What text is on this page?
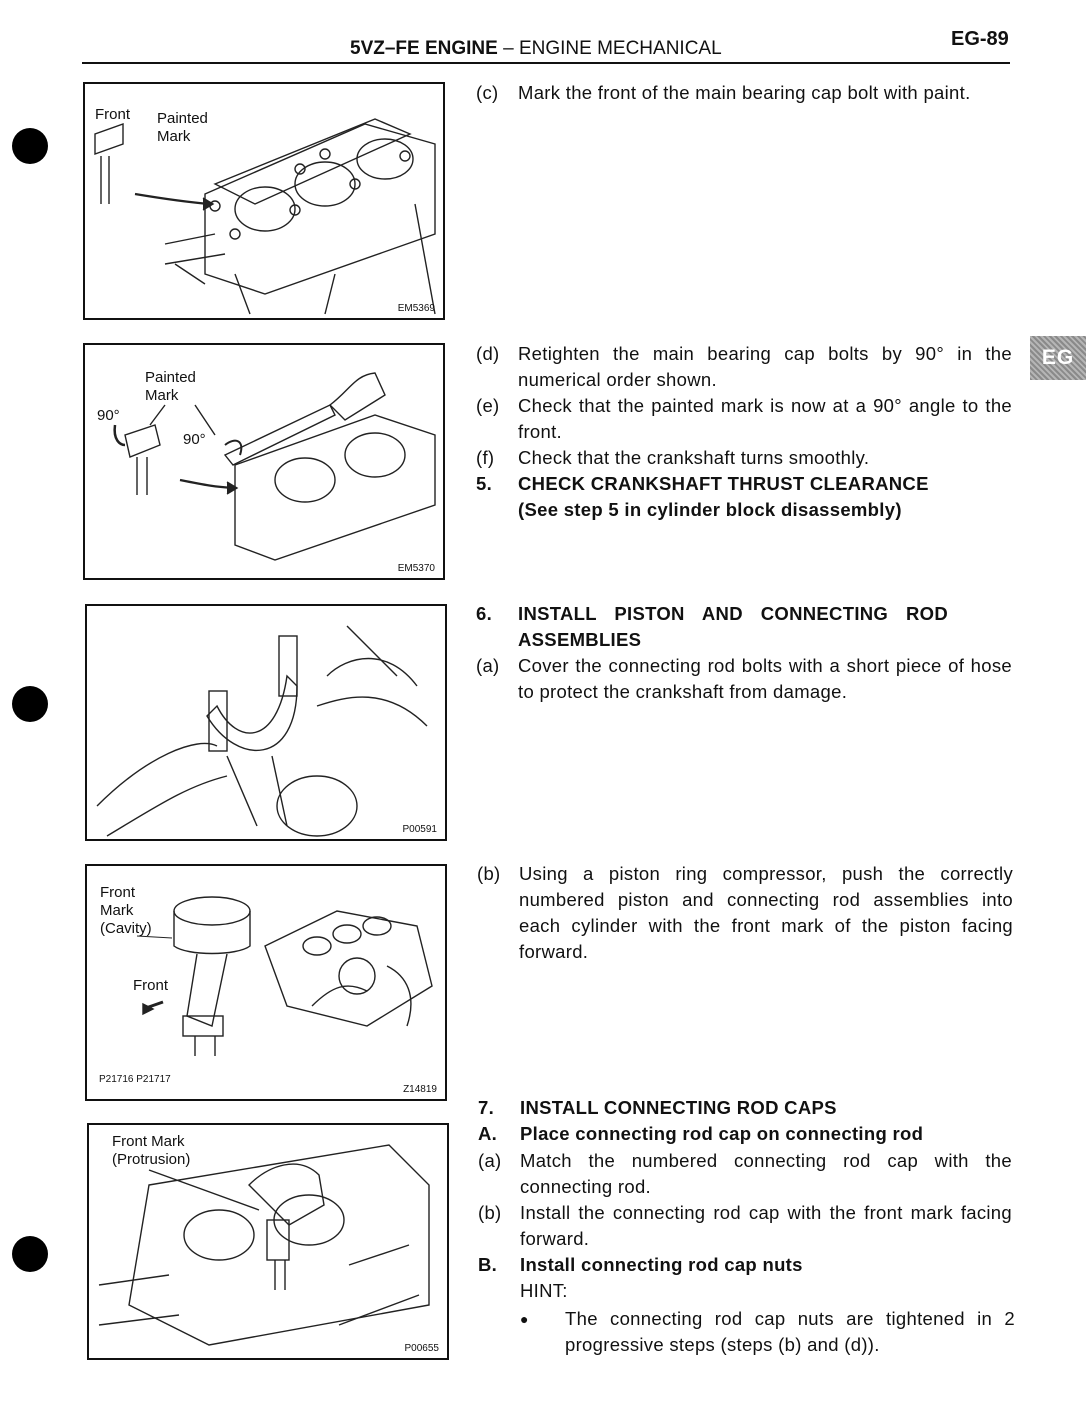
5VZ–FE ENGINE – ENGINE MECHANICAL	EG-89
EG
Front Painted
Mark
EM5369
Painted
Mark
90°
90°
EM5370
P00591
Front
Mark
(Cavity)
Front
P21716 P21717
Z14819
Front Mark
(Protrusion)
P00655
(c) Mark the front of the main bearing cap bolt with paint.
(d) Retighten the main bearing cap bolts by 90° in the numerical order shown.
(e) Check that the painted mark is now at a 90° angle to the front.
(f) Check that the crankshaft turns smoothly.
5. CHECK CRANKSHAFT THRUST CLEARANCE
(See step 5 in cylinder block disassembly)
6. INSTALL PISTON AND CONNECTING ROD ASSEMBLIES
(a) Cover the connecting rod bolts with a short piece of hose to protect the crankshaft from damage.
(b) Using a piston ring compressor, push the correctly numbered piston and connecting rod assemblies into each cylinder with the front mark of the piston facing forward.
7. INSTALL CONNECTING ROD CAPS
A. Place connecting rod cap on connecting rod
(a) Match the numbered connecting rod cap with the connecting rod.
(b) Install the connecting rod cap with the front mark facing forward.
B. Install connecting rod cap nuts
HINT:
● The connecting rod cap nuts are tightened in 2 progressive steps (steps (b) and (d)).
